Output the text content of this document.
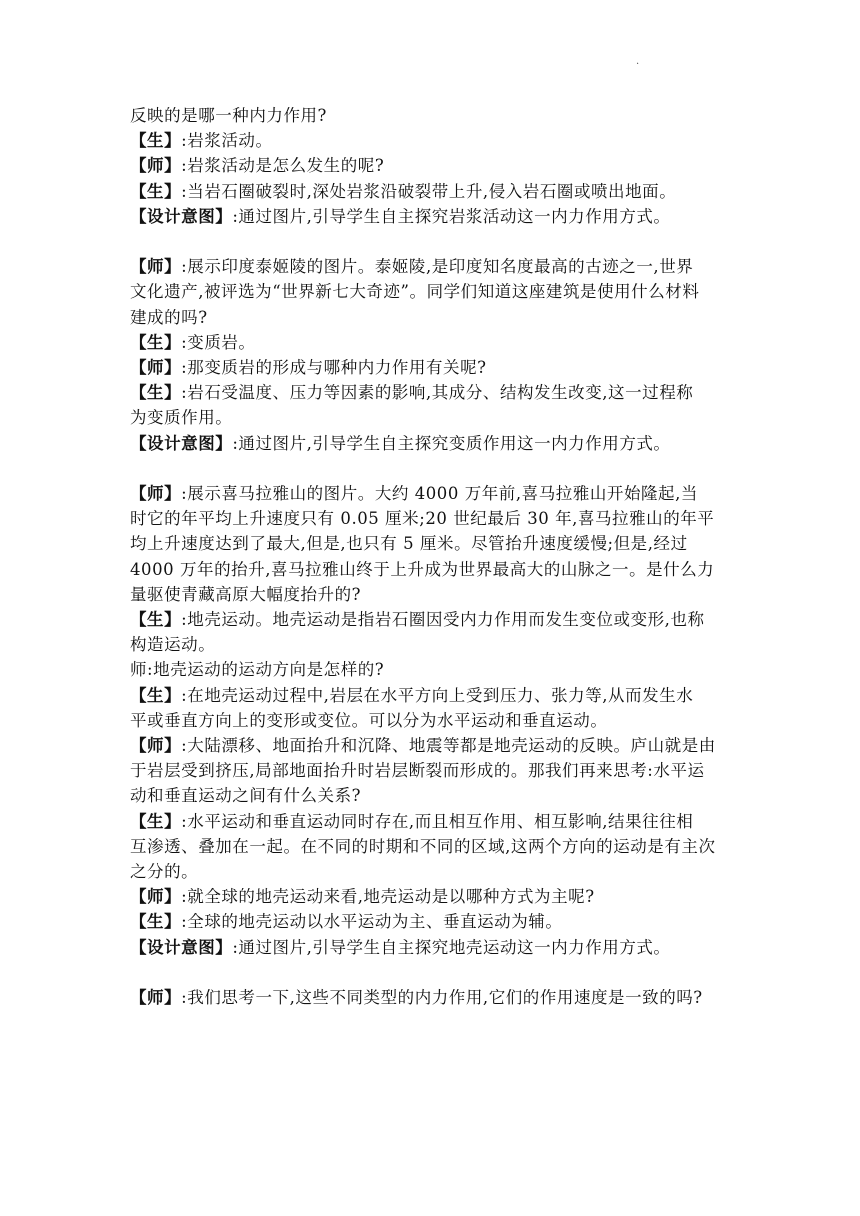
.
反映的是哪一种内力作用?
【生】:岩浆活动。
【师】:岩浆活动是怎么发生的呢?
【生】:当岩石圈破裂时,深处岩浆沿破裂带上升,侵入岩石圈或喷出地面。
【设计意图】:通过图片,引导学生自主探究岩浆活动这一内力作用方式。
【师】:展示印度泰姬陵的图片。泰姬陵,是印度知名度最高的古迹之一,世界
文化遗产,被评选为“世界新七大奇迹”。同学们知道这座建筑是使用什么材料
建成的吗?
【生】:变质岩。
【师】:那变质岩的形成与哪种内力作用有关呢?
【生】:岩石受温度、压力等因素的影响,其成分、结构发生改变,这一过程称
为变质作用。
【设计意图】:通过图片,引导学生自主探究变质作用这一内力作用方式。
【师】:展示喜马拉雅山的图片。大约 4000 万年前,喜马拉雅山开始隆起,当
时它的年平均上升速度只有 0.05 厘米;20 世纪最后 30 年,喜马拉雅山的年平
均上升速度达到了最大,但是,也只有 5 厘米。尽管抬升速度缓慢;但是,经过
4000 万年的抬升,喜马拉雅山终于上升成为世界最高大的山脉之一。是什么力
量驱使青藏高原大幅度抬升的?
【生】:地壳运动。地壳运动是指岩石圈因受内力作用而发生变位或变形,也称
构造运动。
师:地壳运动的运动方向是怎样的?
【生】:在地壳运动过程中,岩层在水平方向上受到压力、张力等,从而发生水
平或垂直方向上的变形或变位。可以分为水平运动和垂直运动。
【师】:大陆漂移、地面抬升和沉降、地震等都是地壳运动的反映。庐山就是由
于岩层受到挤压,局部地面抬升时岩层断裂而形成的。那我们再来思考:水平运
动和垂直运动之间有什么关系?
【生】:水平运动和垂直运动同时存在,而且相互作用、相互影响,结果往往相
互渗透、叠加在一起。在不同的时期和不同的区域,这两个方向的运动是有主次
之分的。
【师】:就全球的地壳运动来看,地壳运动是以哪种方式为主呢?
【生】:全球的地壳运动以水平运动为主、垂直运动为辅。
【设计意图】:通过图片,引导学生自主探究地壳运动这一内力作用方式。
【师】:我们思考一下,这些不同类型的内力作用,它们的作用速度是一致的吗?
